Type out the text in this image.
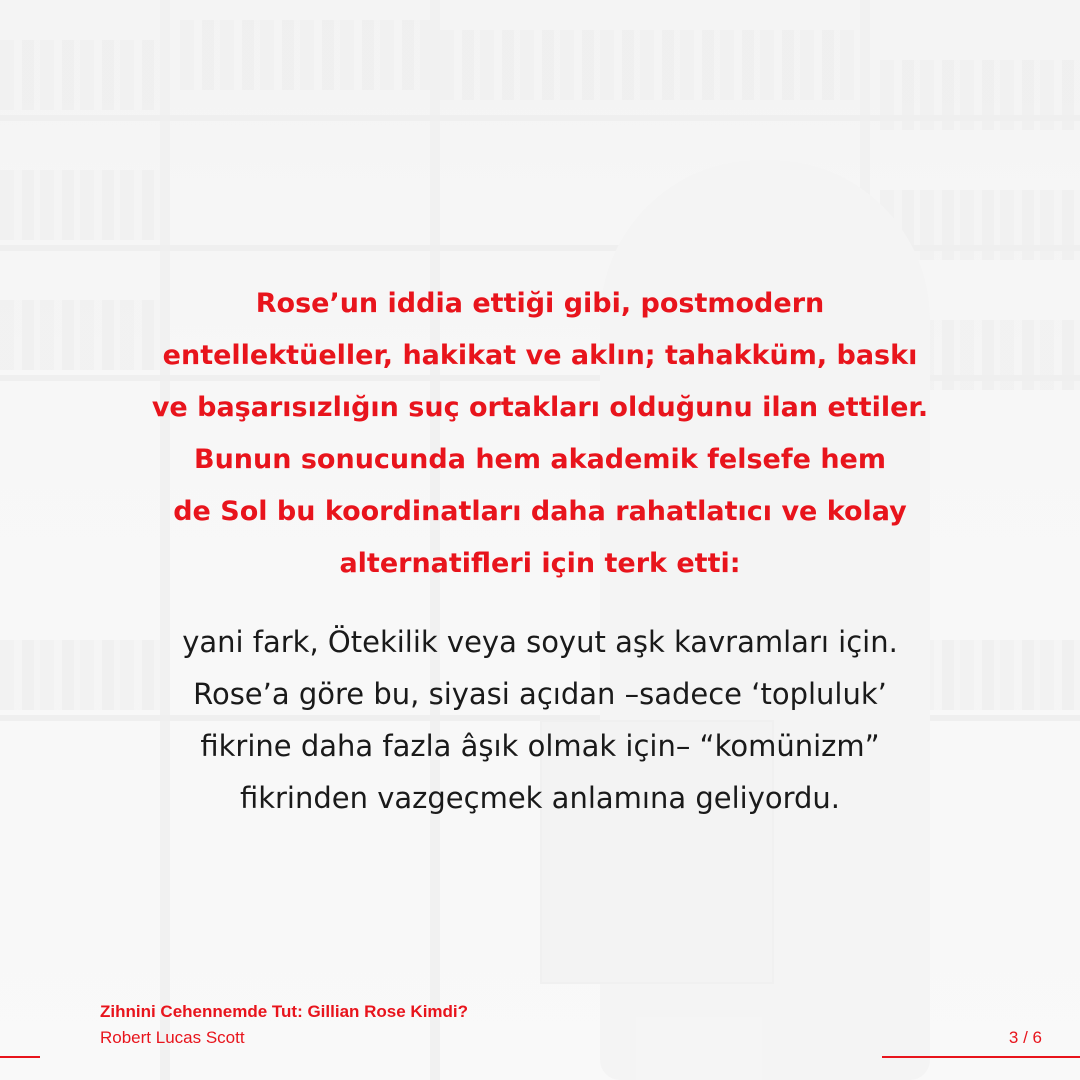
Rose’un iddia ettiği gibi, postmodern
entellektüeller, hakikat ve aklın; tahakküm, baskı
ve başarısızlığın suç ortakları olduğunu ilan ettiler.
Bunun sonucunda hem akademik felsefe hem
de Sol bu koordinatları daha rahatlatıcı ve kolay
alternatifleri için terk etti:

yani fark, Ötekilik veya soyut aşk kavramları için.
Rose’a göre bu, siyasi açıdan –sadece ‘topluluk’
fikrine daha fazla âşık olmak için– “komünizm”
fikrinden vazgeçmek anlamına geliyordu.

Zihnini Cehennemde Tut: Gillian Rose Kimdi?
Robert Lucas Scott	3 / 6
